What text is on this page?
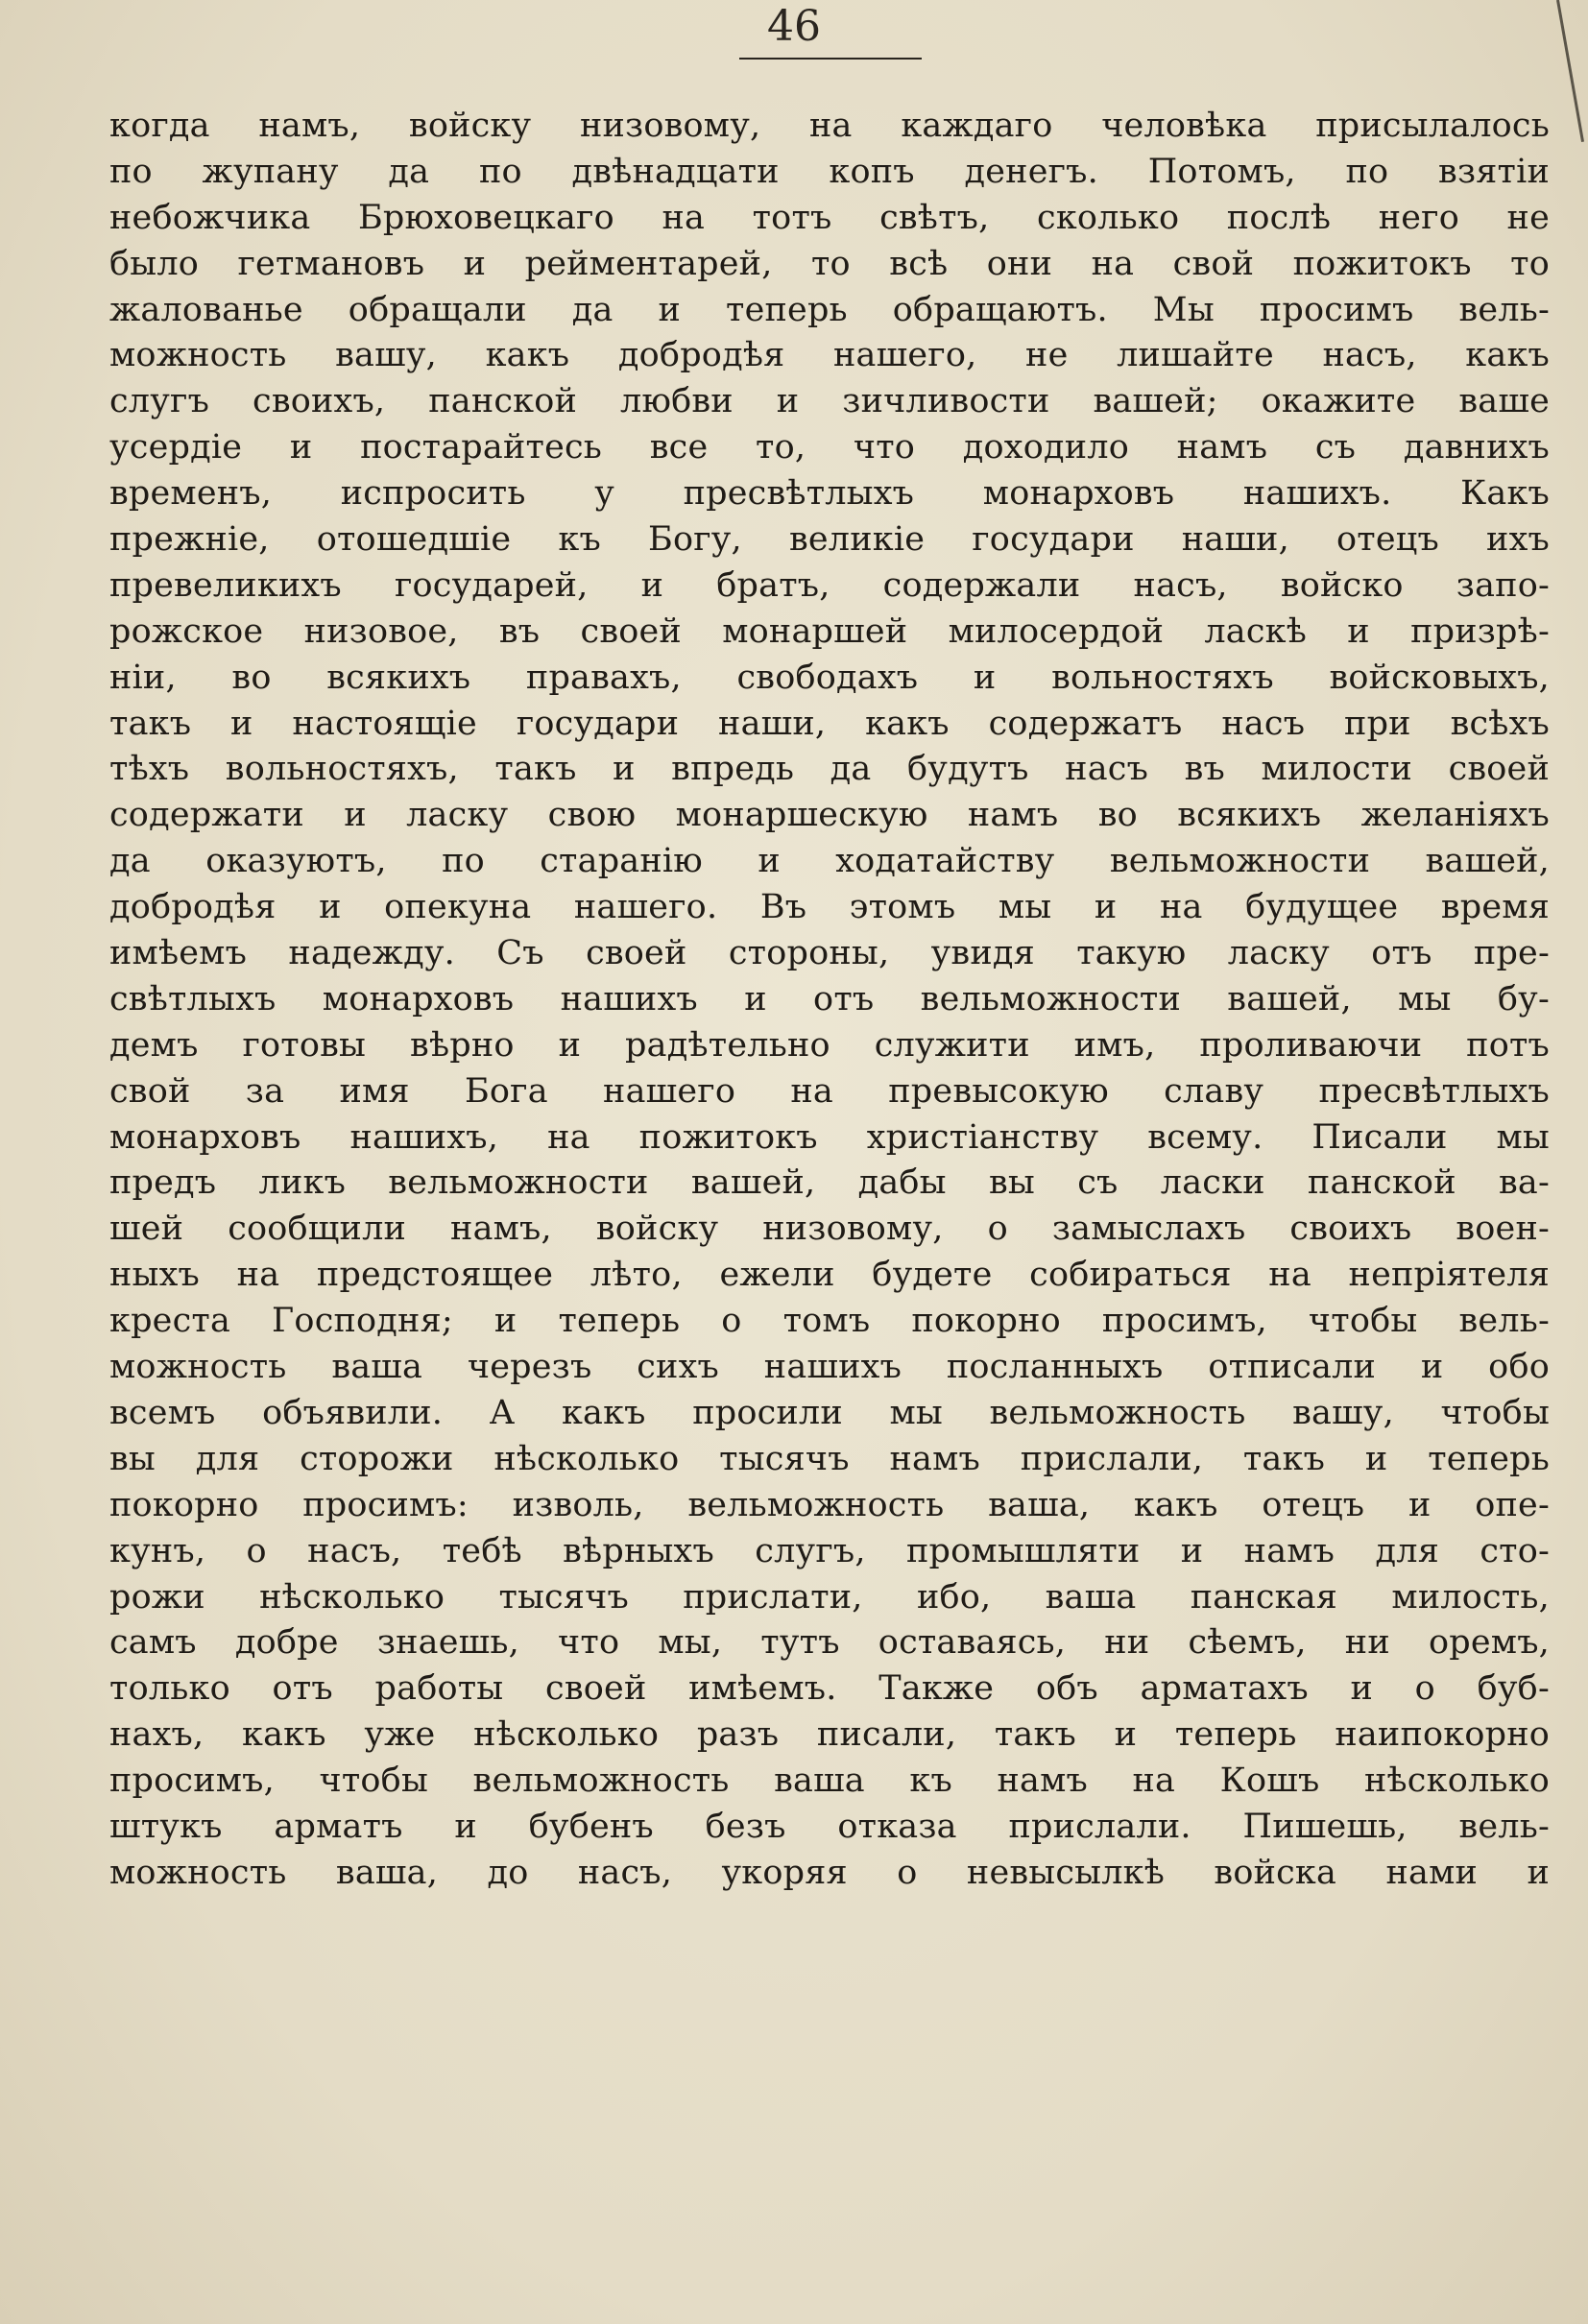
46
когда намъ, войску низовому, на каждаго человѣка присылалось
по жупану да по двѣнадцати копъ денегъ. Потомъ, по взятіи
небожчика Брюховецкаго на тотъ свѣтъ, сколько послѣ него не
было гетмановъ и рейментарей, то всѣ они на свой пожитокъ то
жалованье обращали да и теперь обращаютъ. Мы просимъ вель-
можность вашу, какъ добродѣя нашего, не лишайте насъ, какъ
слугъ своихъ, панской любви и зичливости вашей; окажите ваше
усердіе и постарайтесь все то, что доходило намъ съ давнихъ
временъ, испросить у пресвѣтлыхъ монарховъ нашихъ. Какъ
прежніе, отошедшіе къ Богу, великіе государи наши, отецъ ихъ
превеликихъ государей, и братъ, содержали насъ, войско запо-
рожское низовое, въ своей монаршей милосердой ласкѣ и призрѣ-
ніи, во всякихъ правахъ, свободахъ и вольностяхъ войсковыхъ,
такъ и настоящіе государи наши, какъ содержатъ насъ при всѣхъ
тѣхъ вольностяхъ, такъ и впредь да будутъ насъ въ милости своей
содержати и ласку свою монаршескую намъ во всякихъ желаніяхъ
да оказуютъ, по старанію и ходатайству вельможности вашей,
добродѣя и опекуна нашего. Въ этомъ мы и на будущее время
имѣемъ надежду. Съ своей стороны, увидя такую ласку отъ пре-
свѣтлыхъ монарховъ нашихъ и отъ вельможности вашей, мы бу-
демъ готовы вѣрно и радѣтельно служити имъ, проливаючи потъ
свой за имя Бога нашего на превысокую славу пресвѣтлыхъ
монарховъ нашихъ, на пожитокъ христіанству всему. Писали мы
предъ ликъ вельможности вашей, дабы вы съ ласки панской ва-
шей сообщили намъ, войску низовому, о замыслахъ своихъ воен-
ныхъ на предстоящее лѣто, ежели будете собираться на непріятеля
креста Господня; и теперь о томъ покорно просимъ, чтобы вель-
можность ваша черезъ сихъ нашихъ посланныхъ отписали и обо
всемъ объявили. А какъ просили мы вельможность вашу, чтобы
вы для сторожи нѣсколько тысячъ намъ прислали, такъ и теперь
покорно просимъ: изволь, вельможность ваша, какъ отецъ и опе-
кунъ, о насъ, тебѣ вѣрныхъ слугъ, промышляти и намъ для сто-
рожи нѣсколько тысячъ прислати, ибо, ваша панская милость,
самъ добре знаешь, что мы, тутъ оставаясь, ни сѣемъ, ни оремъ,
только отъ работы своей имѣемъ. Также объ арматахъ и о буб-
нахъ, какъ уже нѣсколько разъ писали, такъ и теперь наипокорно
просимъ, чтобы вельможность ваша къ намъ на Кошъ нѣсколько
штукъ арматъ и бубенъ безъ отказа прислали. Пишешь, вель-
можность ваша, до насъ, укоряя о невысылкѣ войска нами и
